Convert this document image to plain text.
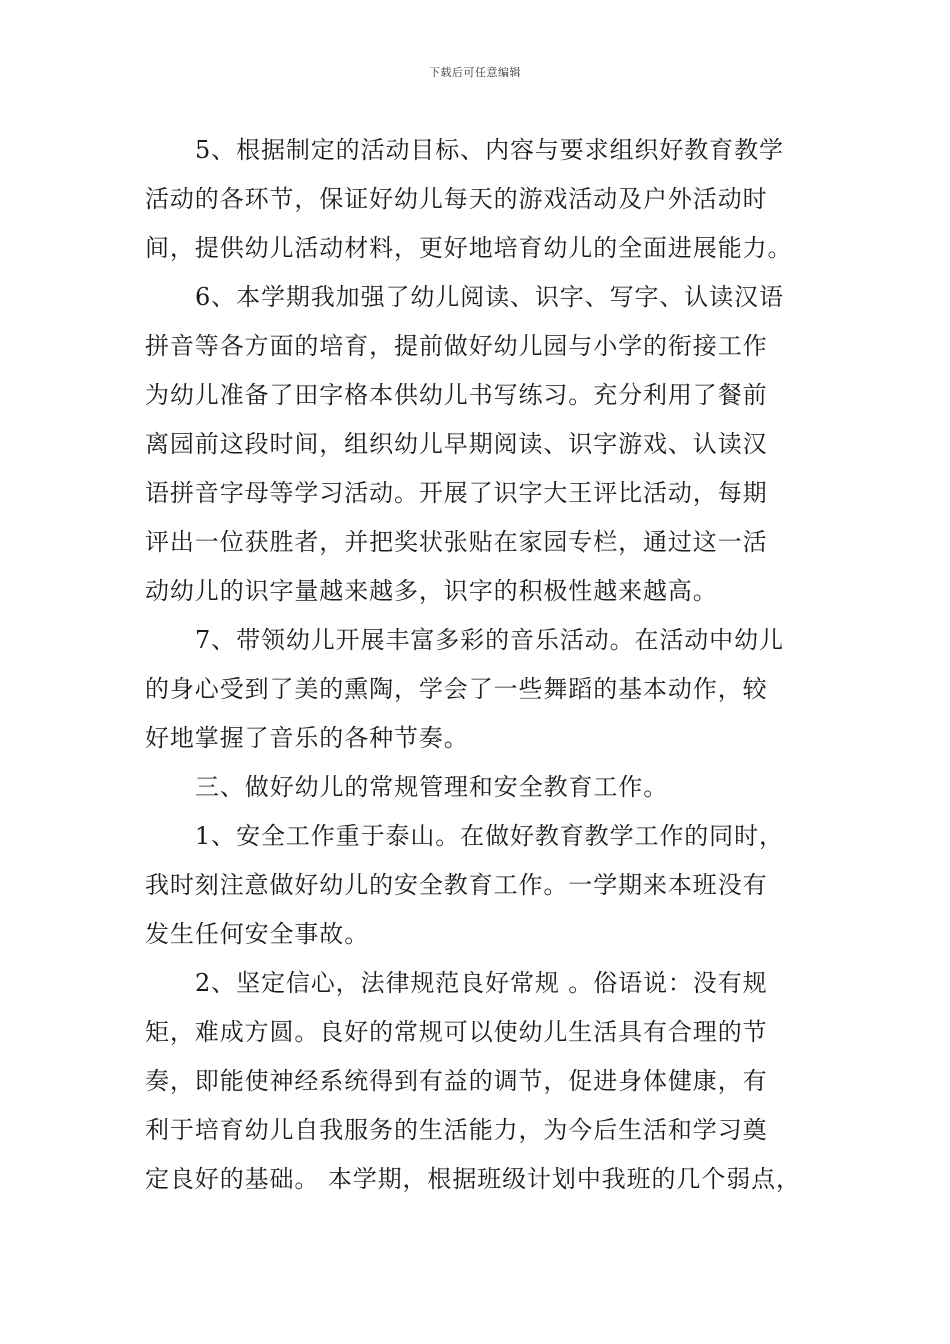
下载后可任意编辑
5、根据制定的活动目标、内容与要求组织好教育教学
活动的各环节，保证好幼儿每天的游戏活动及户外活动时
间，提供幼儿活动材料，更好地培育幼儿的全面进展能力。
6、本学期我加强了幼儿阅读、识字、写字、认读汉语
拼音等各方面的培育，提前做好幼儿园与小学的衔接工作
为幼儿准备了田字格本供幼儿书写练习。充分利用了餐前
离园前这段时间，组织幼儿早期阅读、识字游戏、认读汉
语拼音字母等学习活动。开展了识字大王评比活动，每期
评出一位获胜者，并把奖状张贴在家园专栏，通过这一活
动幼儿的识字量越来越多，识字的积极性越来越高。
7、带领幼儿开展丰富多彩的音乐活动。在活动中幼儿
的身心受到了美的熏陶，学会了一些舞蹈的基本动作，较
好地掌握了音乐的各种节奏。
三、做好幼儿的常规管理和安全教育工作。
1、安全工作重于泰山。在做好教育教学工作的同时，
我时刻注意做好幼儿的安全教育工作。一学期来本班没有
发生任何安全事故。
2、坚定信心，法律规范良好常规 。俗语说：没有规
矩，难成方圆。良好的常规可以使幼儿生活具有合理的节
奏，即能使神经系统得到有益的调节，促进身体健康，有
利于培育幼儿自我服务的生活能力，为今后生活和学习奠
定良好的基础。 本学期，根据班级计划中我班的几个弱点，
